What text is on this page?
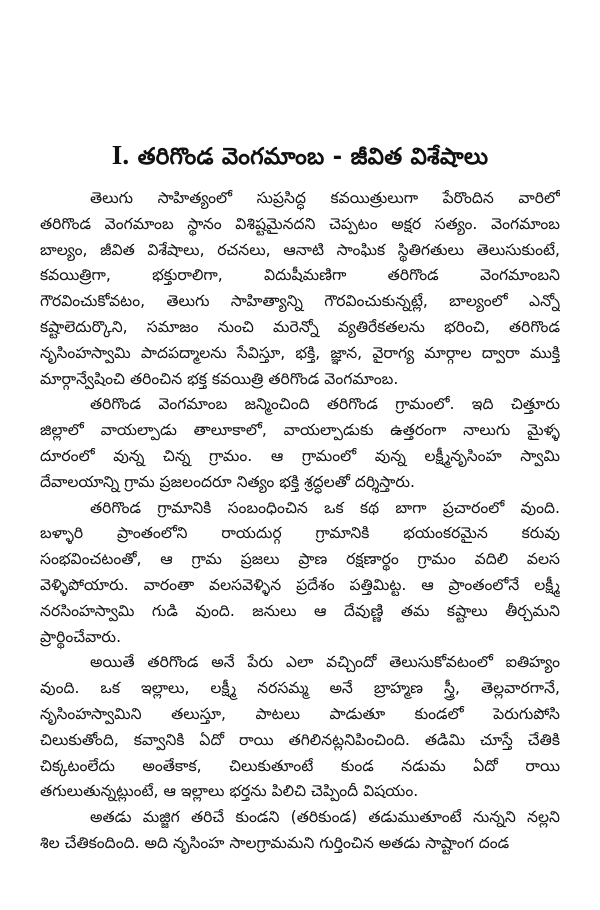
I. తరిగొండ వెంగమాంబ - జీవిత విశేషాలు

తెలుగు సాహిత్యంలో సుప్రసిద్ధ కవయిత్రులుగా పేరొందిన వారిలో
తరిగొండ వెంగమాంబ స్థానం విశిష్టమైనదని చెప్పటం అక్షర సత్యం. వెంగమాంబ
బాల్యం, జీవిత విశేషాలు, రచనలు, ఆనాటి సాంఘిక స్థితిగతులు తెలుసుకుంటే,
కవయిత్రిగా, భక్తురాలిగా, విదుషీమణిగా తరిగొండ వెంగమాంబని
గౌరవించుకోవటం, తెలుగు సాహిత్యాన్ని గౌరవించుకున్నట్లే, బాల్యంలో ఎన్నో
కష్టాలెదుర్కొని, సమాజం నుంచి మరెన్నో వ్యతిరేకతలను భరించి, తరిగొండ
నృసింహస్వామి పాదపద్మాలను సేవిస్తూ, భక్తి, జ్ఞాన, వైరాగ్య మార్గాల ద్వారా ముక్తి
మార్గాన్వేషించి తరించిన భక్త కవయిత్రి తరిగొండ వెంగమాంబ.

తరిగొండ వెంగమాంబ జన్మించింది తరిగొండ గ్రామంలో. ఇది చిత్తూరు
జిల్లాలో వాయల్పాడు తాలూకాలో, వాయల్పాడుకు ఉత్తరంగా నాలుగు మైళ్ళ
దూరంలో వున్న చిన్న గ్రామం. ఆ గ్రామంలో వున్న లక్ష్మీనృసింహ స్వామి
దేవాలయాన్ని గ్రామ ప్రజలందరూ నిత్యం భక్తి శ్రద్ధలతో దర్శిస్తారు.

తరిగొండ గ్రామానికి సంబంధించిన ఒక కథ బాగా ప్రచారంలో వుంది.
బళ్ళారి ప్రాంతంలోని రాయదుర్గ గ్రామానికి భయంకరమైన కరువు
సంభవించటంతో, ఆ గ్రామ ప్రజలు ప్రాణ రక్షణార్థం గ్రామం వదిలి వలస
వెళ్ళిపోయారు. వారంతా వలసవెళ్ళిన ప్రదేశం పత్తిమిట్ట. ఆ ప్రాంతంలోనే లక్ష్మీ
నరసింహస్వామి గుడి వుంది. జనులు ఆ దేవుణ్ణి తమ కష్టాలు తీర్చమని
ప్రార్థించేవారు.

అయితే తరిగొండ అనే పేరు ఎలా వచ్చిందో తెలుసుకోవటంలో ఐతిహ్యం
వుంది. ఒక ఇల్లాలు, లక్ష్మీ నరసమ్మ అనే బ్రాహ్మణ స్త్రీ, తెల్లవారగానే,
నృసింహస్వామిని తలుస్తూ, పాటలు పాడుతూ కుండలో పెరుగుపోసి
చిలుకుతోంది, కవ్వానికి ఏదో రాయి తగిలినట్లనిపించింది. తడిమి చూస్తే చేతికి
చిక్కటంలేదు అంతేకాక, చిలుకుతూంటే కుండ నడుమ ఏదో రాయి
తగులుతున్నట్లుంటే, ఆ ఇల్లాలు భర్తను పిలిచి చెప్పిందీ విషయం.

అతడు మజ్జిగ తరిచే కుండని (తరికుండ) తడుముతూంటే నున్నని నల్లని
శిల చేతికందింది. అది నృసింహ సాలగ్రామమని గుర్తించిన అతడు సాష్టాంగ దండ
